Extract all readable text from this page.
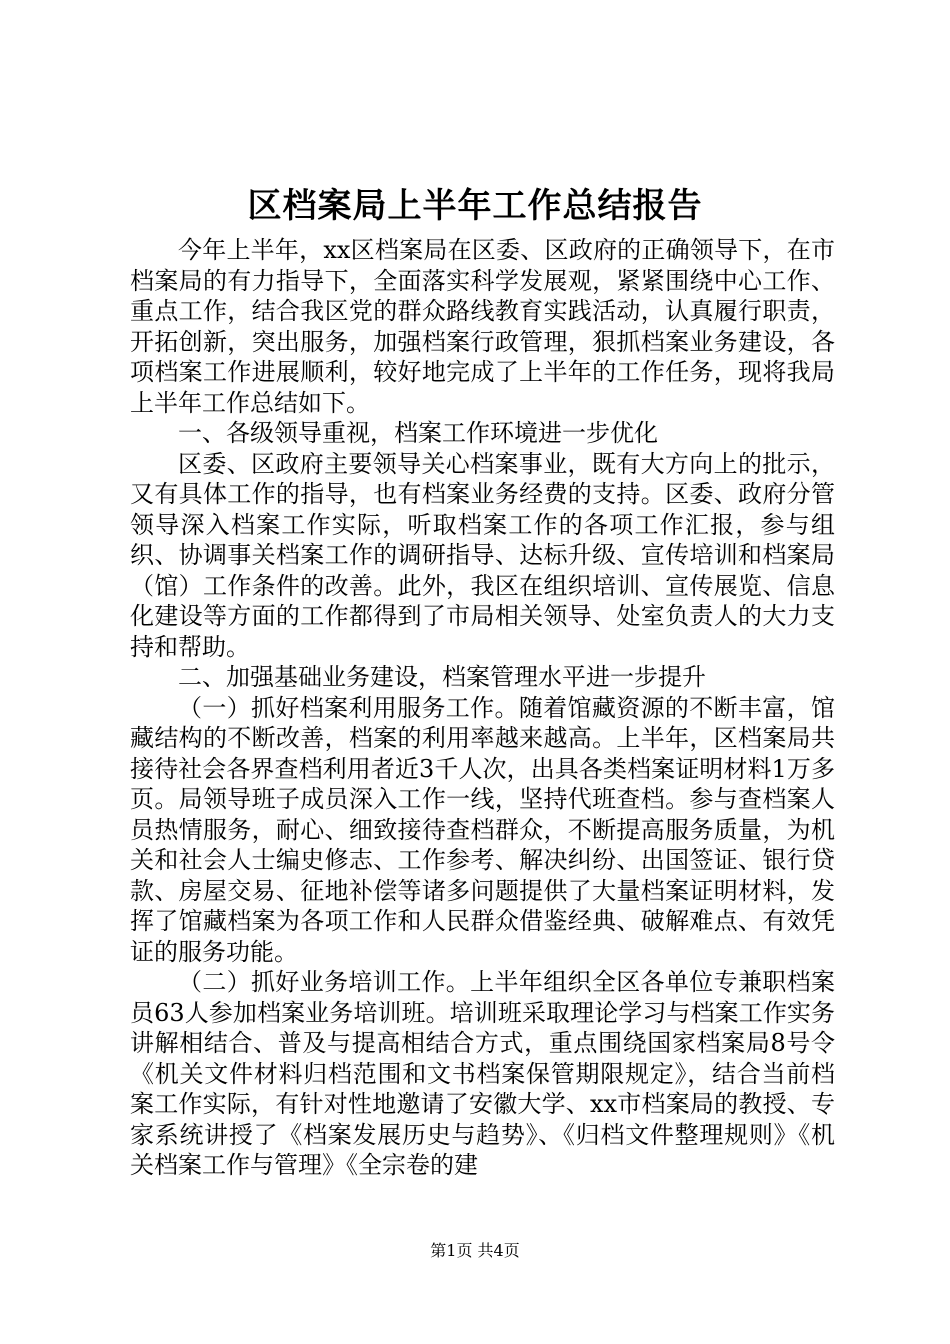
区档案局上半年工作总结报告

今年上半年，xx区档案局在区委、区政府的正确领导下，在市档案局的有力指导下，全面落实科学发展观，紧紧围绕中心工作、重点工作，结合我区党的群众路线教育实践活动，认真履行职责，开拓创新，突出服务，加强档案行政管理，狠抓档案业务建设，各项档案工作进展顺利，较好地完成了上半年的工作任务，现将我局上半年工作总结如下。

一、各级领导重视，档案工作环境进一步优化

区委、区政府主要领导关心档案事业，既有大方向上的批示，又有具体工作的指导，也有档案业务经费的支持。区委、政府分管领导深入档案工作实际，听取档案工作的各项工作汇报，参与组织、协调事关档案工作的调研指导、达标升级、宣传培训和档案局（馆）工作条件的改善。此外，我区在组织培训、宣传展览、信息化建设等方面的工作都得到了市局相关领导、处室负责人的大力支持和帮助。

二、加强基础业务建设，档案管理水平进一步提升

（一）抓好档案利用服务工作。随着馆藏资源的不断丰富，馆藏结构的不断改善，档案的利用率越来越高。上半年，区档案局共接待社会各界查档利用者近3千人次，出具各类档案证明材料1万多页。局领导班子成员深入工作一线，坚持代班查档。参与查档案人员热情服务，耐心、细致接待查档群众，不断提高服务质量，为机关和社会人士编史修志、工作参考、解决纠纷、出国签证、银行贷款、房屋交易、征地补偿等诸多问题提供了大量档案证明材料，发挥了馆藏档案为各项工作和人民群众借鉴经典、破解难点、有效凭证的服务功能。

（二）抓好业务培训工作。上半年组织全区各单位专兼职档案员63人参加档案业务培训班。培训班采取理论学习与档案工作实务讲解相结合、普及与提高相结合方式，重点围绕国家档案局8号令《机关文件材料归档范围和文书档案保管期限规定》，结合当前档案工作实际，有针对性地邀请了安徽大学、xx市档案局的教授、专家系统讲授了《档案发展历史与趋势》、《归档文件整理规则》《机关档案工作与管理》《全宗卷的建

第1页 共4页
